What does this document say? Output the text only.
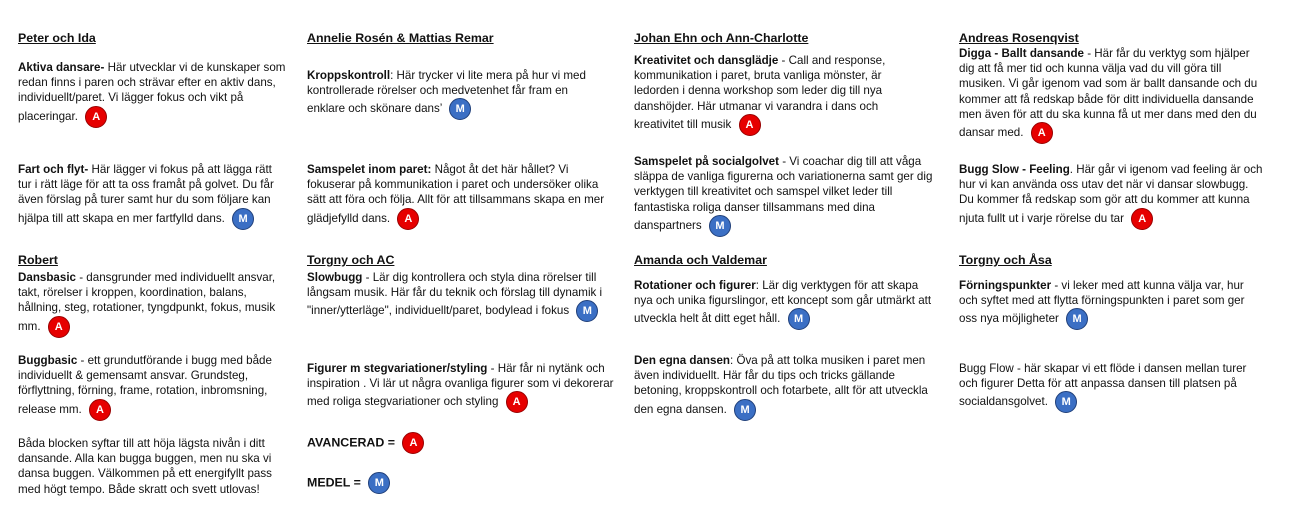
Peter och Ida
Aktiva dansare- Här utvecklar vi de kunskaper som redan finns i paren och strävar efter en aktiv dans, individuellt/paret. Vi lägger fokus och vikt på placeringar. A
Fart och flyt- Här lägger vi fokus på att lägga rätt tur i rätt läge för att ta oss framåt på golvet. Du får även förslag på turer samt hur du som följare kan hjälpa till att skapa en mer fartfylld dans. M
Robert
Dansbasic - dansgrunder med individuellt ansvar, takt, rörelser i kroppen, koordination, balans, hållning, steg, rotationer, tyngdpunkt, fokus, musik mm. A
Buggbasic - ett grundutförande i bugg med både individuellt & gemensamt ansvar. Grundsteg, förflyttning, förning, frame, rotation, inbromsning, release mm. A
Båda blocken syftar till att höja lägsta nivån i ditt dansande. Alla kan bugga buggen, men nu ska vi dansa buggen. Välkommen på ett energifyllt pass med högt tempo. Både skratt och svett utlovas!
Annelie Rosén & Mattias Remar
Kroppskontroll: Här trycker vi lite mera på hur vi med kontrollerade rörelser och medvetenhet får fram en enklare och skönare dans’ M
Samspelet inom paret: Något åt det här hållet? Vi fokuserar på kommunikation i paret och undersöker olika sätt att föra och följa. Allt för att tillsammans skapa en mer glädjefylld dans. A
Torgny och AC
Slowbugg - Lär dig kontrollera och styla dina rörelser till långsam musik. Här får du teknik och förslag till dynamik i "inner/ytterläge", individuellt/paret, bodylead i fokus M
Figurer m stegvariationer/styling - Här får ni nytänk och inspiration . Vi lär ut några ovanliga figurer som vi dekorerar med roliga stegvariationer och styling A
AVANCERAD = A
MEDEL = M
Johan Ehn och Ann-Charlotte
Kreativitet och dansglädje - Call and response, kommunikation i paret, bruta vanliga mönster, är ledorden i denna workshop som leder dig till nya danshöjder. Här utmanar vi varandra i dans och kreativitet till musik A
Samspelet på socialgolvet - Vi coachar dig till att våga släppa de vanliga figurerna och variationerna samt ger dig verktygen till kreativitet och samspel vilket leder till fantastiska roliga danser tillsammans med dina danspartners M
Amanda och Valdemar
Rotationer och figurer: Lär dig verktygen för att skapa nya och unika figurslingor, ett koncept som går utmärkt att utveckla helt åt ditt eget håll. M
Den egna dansen: Öva på att tolka musiken i paret men även individuellt. Här får du tips och tricks gällande betoning, kroppskontroll och fotarbete, allt för att utveckla den egna dansen. M
Andreas Rosenqvist
Digga - Ballt dansande - Här får du verktyg som hjälper dig att få mer tid och kunna välja vad du vill göra till musiken. Vi går igenom vad som är ballt dansande och du kommer att få redskap både för ditt individuella dansande men även för att du ska kunna få ut mer dans med den du dansar med. A
Bugg Slow - Feeling. Här går vi igenom vad feeling är och hur vi kan använda oss utav det när vi dansar slowbugg. Du kommer få redskap som gör att du kommer att kunna njuta fullt ut i varje rörelse du tar A
Torgny och Åsa
Förningspunkter - vi leker med att kunna välja var, hur och syftet med att flytta förningspunkten i paret som ger oss nya möjligheter M
Bugg Flow - här skapar vi ett flöde i dansen mellan turer och figurer Detta för att anpassa dansen till platsen på socialdansgolvet. M
